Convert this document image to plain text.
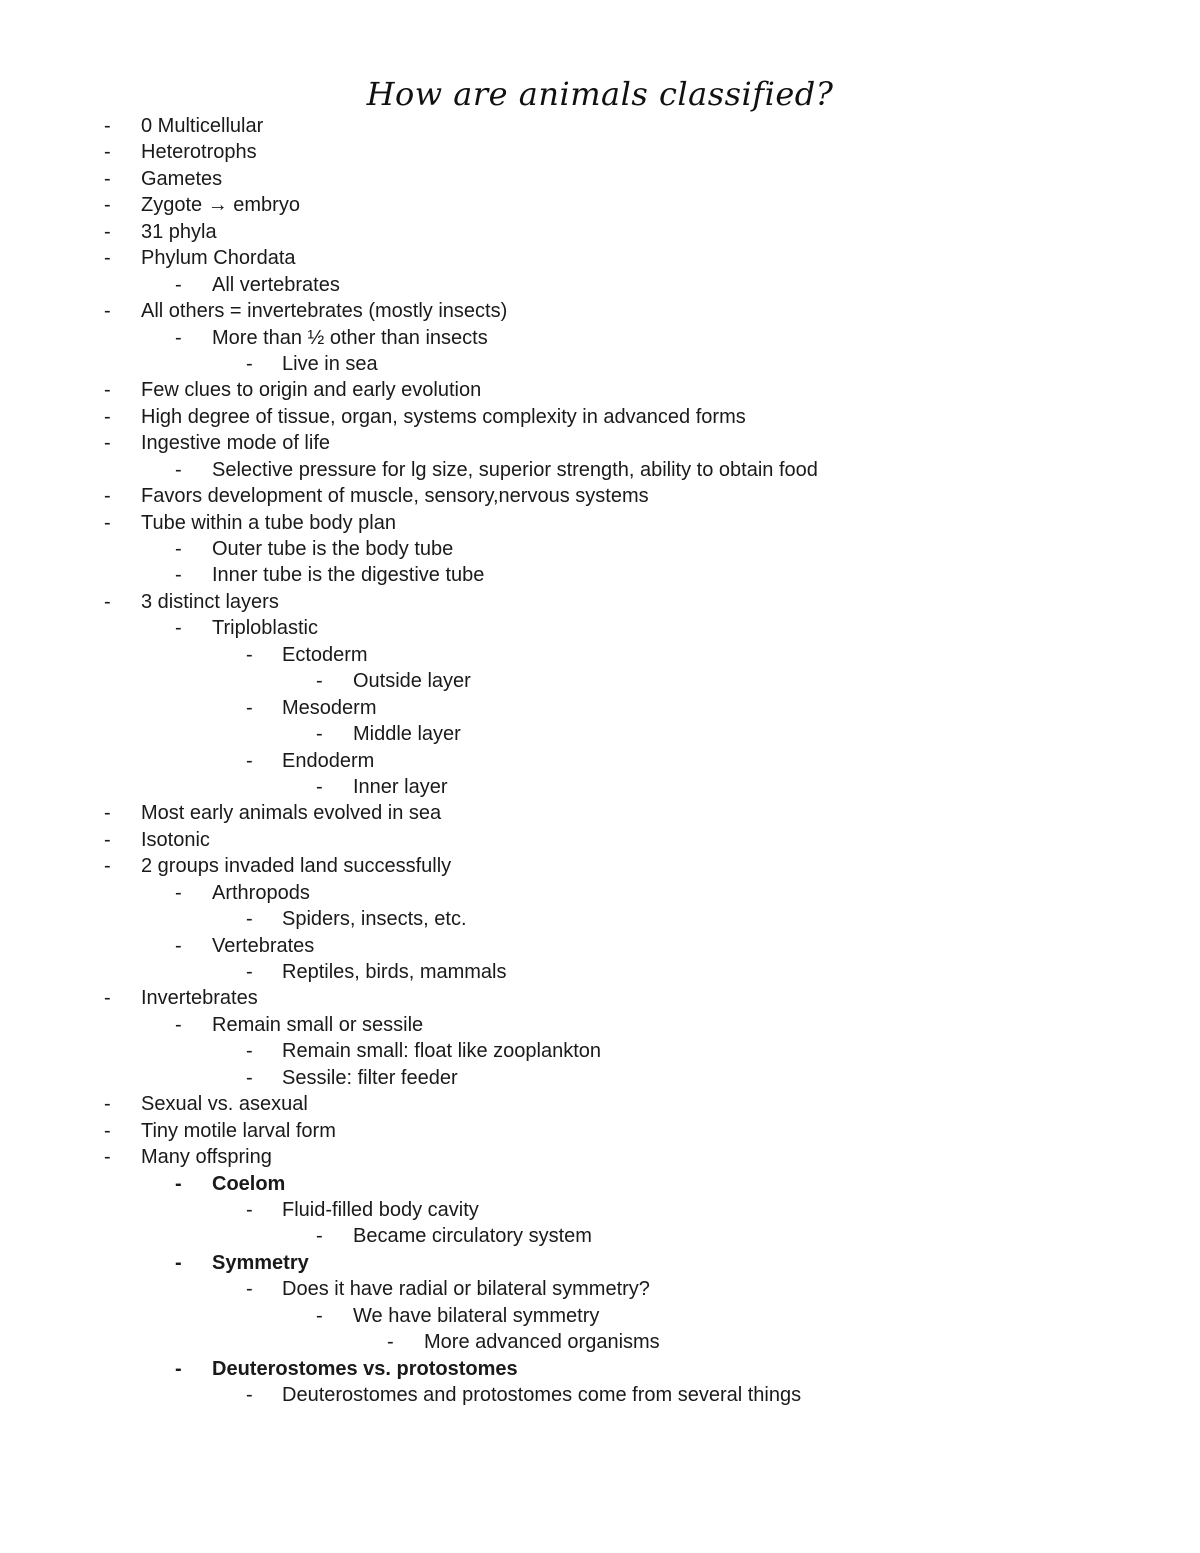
How are animals classified?
-	0 Multicellular
-	Heterotrophs
-	Gametes
-	Zygote → embryo
-	31 phyla
-	Phylum Chordata
-	All vertebrates
-	All others = invertebrates (mostly insects)
-	More than ½ other than insects
-	Live in sea
-	Few clues to origin and early evolution
-	High degree of tissue, organ, systems complexity in advanced forms
-	Ingestive mode of life
-	Selective pressure for lg size, superior strength, ability to obtain food
-	Favors development of muscle, sensory,nervous systems
-	Tube within a tube body plan
-	Outer tube is the body tube
-	Inner tube is the digestive tube
-	3 distinct layers
-	Triploblastic
-	Ectoderm
-	Outside layer
-	Mesoderm
-	Middle layer
-	Endoderm
-	Inner layer
-	Most early animals evolved in sea
-	Isotonic
-	2 groups invaded land successfully
-	Arthropods
-	Spiders, insects, etc.
-	Vertebrates
-	Reptiles, birds, mammals
-	Invertebrates
-	Remain small or sessile
-	Remain small: float like zooplankton
-	Sessile: filter feeder
-	Sexual vs. asexual
-	Tiny motile larval form
-	Many offspring
-	Coelom
-	Fluid-filled body cavity
-	Became circulatory system
-	Symmetry
-	Does it have radial or bilateral symmetry?
-	We have bilateral symmetry
-	More advanced organisms
-	Deuterostomes vs. protostomes
-	Deuterostomes and protostomes come from several things
